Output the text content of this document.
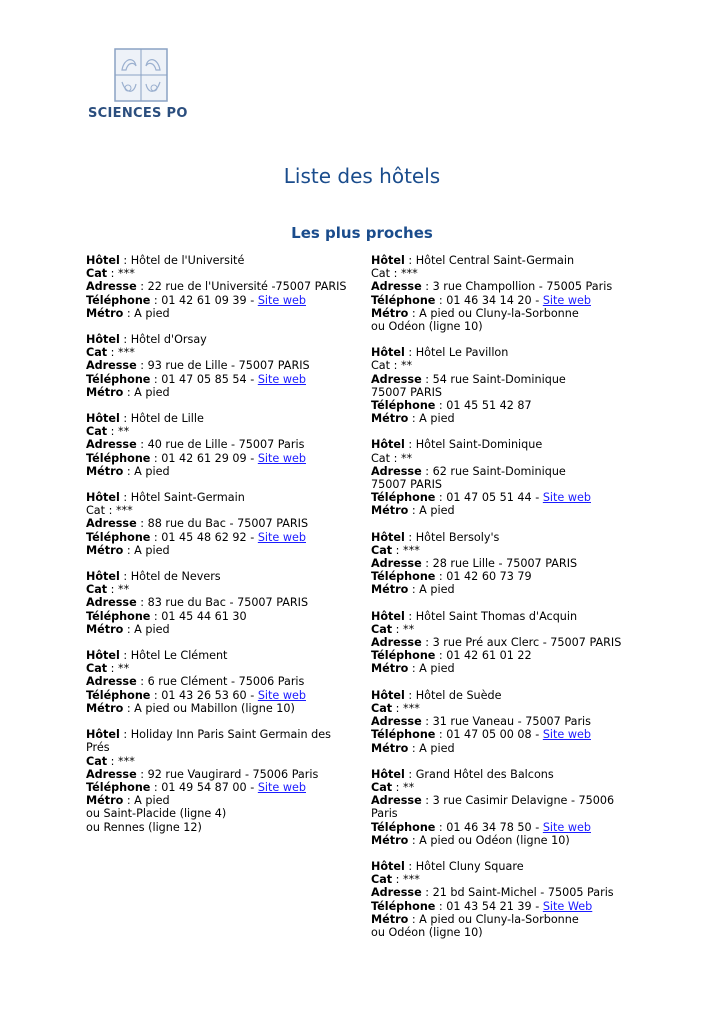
SCIENCES PO
Liste des hôtels
Les plus proches
Hôtel : Hôtel de l'Université
Cat : ***
Adresse : 22 rue de l'Université -75007 PARIS
Téléphone : 01 42 61 09 39 - Site web
Métro : A pied
Hôtel : Hôtel d'Orsay
Cat : ***
Adresse : 93 rue de Lille - 75007 PARIS
Téléphone : 01 47 05 85 54 - Site web
Métro : A pied
Hôtel : Hôtel de Lille
Cat : **
Adresse : 40 rue de Lille - 75007 Paris
Téléphone : 01 42 61 29 09 - Site web
Métro : A pied
Hôtel : Hôtel Saint-Germain
Cat : ***
Adresse : 88 rue du Bac - 75007 PARIS
Téléphone : 01 45 48 62 92 - Site web
Métro : A pied
Hôtel : Hôtel de Nevers
Cat : **
Adresse : 83 rue du Bac - 75007 PARIS
Téléphone : 01 45 44 61 30
Métro : A pied
Hôtel : Hôtel Le Clément
Cat : **
Adresse : 6 rue Clément - 75006 Paris
Téléphone : 01 43 26 53 60 - Site web
Métro : A pied ou Mabillon (ligne 10)
Hôtel : Holiday Inn Paris Saint Germain des Prés
Cat : ***
Adresse : 92 rue Vaugirard - 75006 Paris
Téléphone : 01 49 54 87 00 - Site web
Métro : A pied
ou Saint-Placide (ligne 4)
ou Rennes (ligne 12)
Hôtel : Hôtel Central Saint-Germain
Cat : ***
Adresse : 3 rue Champollion - 75005 Paris
Téléphone : 01 46 34 14 20 - Site web
Métro : A pied ou Cluny-la-Sorbonne
ou Odéon (ligne 10)
Hôtel : Hôtel Le Pavillon
Cat : **
Adresse : 54 rue Saint-Dominique
75007 PARIS
Téléphone : 01 45 51 42 87
Métro : A pied
Hôtel : Hôtel Saint-Dominique
Cat : **
Adresse : 62 rue Saint-Dominique
75007 PARIS
Téléphone : 01 47 05 51 44 - Site web
Métro : A pied
Hôtel : Hôtel Bersoly's
Cat : ***
Adresse : 28 rue Lille - 75007 PARIS
Téléphone : 01 42 60 73 79
Métro : A pied
Hôtel : Hôtel Saint Thomas d'Acquin
Cat : **
Adresse : 3 rue Pré aux Clerc - 75007 PARIS
Téléphone : 01 42 61 01 22
Métro : A pied
Hôtel : Hôtel de Suède
Cat : ***
Adresse : 31 rue Vaneau - 75007 Paris
Téléphone : 01 47 05 00 08 - Site web
Métro : A pied
Hôtel : Grand Hôtel des Balcons
Cat : **
Adresse : 3 rue Casimir Delavigne - 75006
Paris
Téléphone : 01 46 34 78 50 - Site web
Métro : A pied ou Odéon (ligne 10)
Hôtel : Hôtel Cluny Square
Cat : ***
Adresse : 21 bd Saint-Michel - 75005 Paris
Téléphone : 01 43 54 21 39 - Site Web
Métro : A pied ou Cluny-la-Sorbonne
ou Odéon (ligne 10)
